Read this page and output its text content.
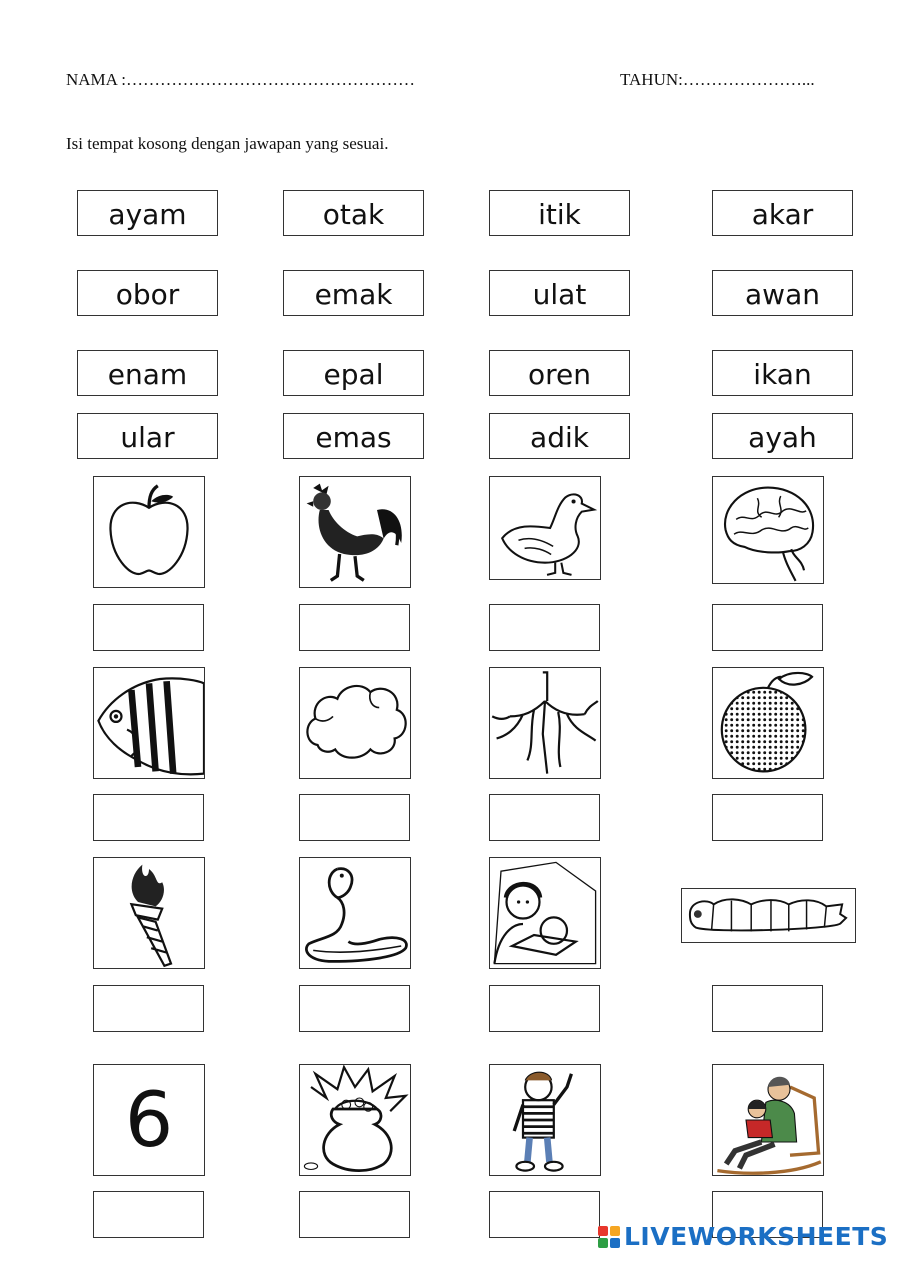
NAMA :……………………………………………	TAHUN:…………………...
Isi tempat kosong dengan jawapan yang sesuai.
ayam	otak	itik	akar
obor	emak	ulat	awan
enam	epal	oren	ikan
ular	emas	adik	ayah
6
LIVEWORKSHEETS
